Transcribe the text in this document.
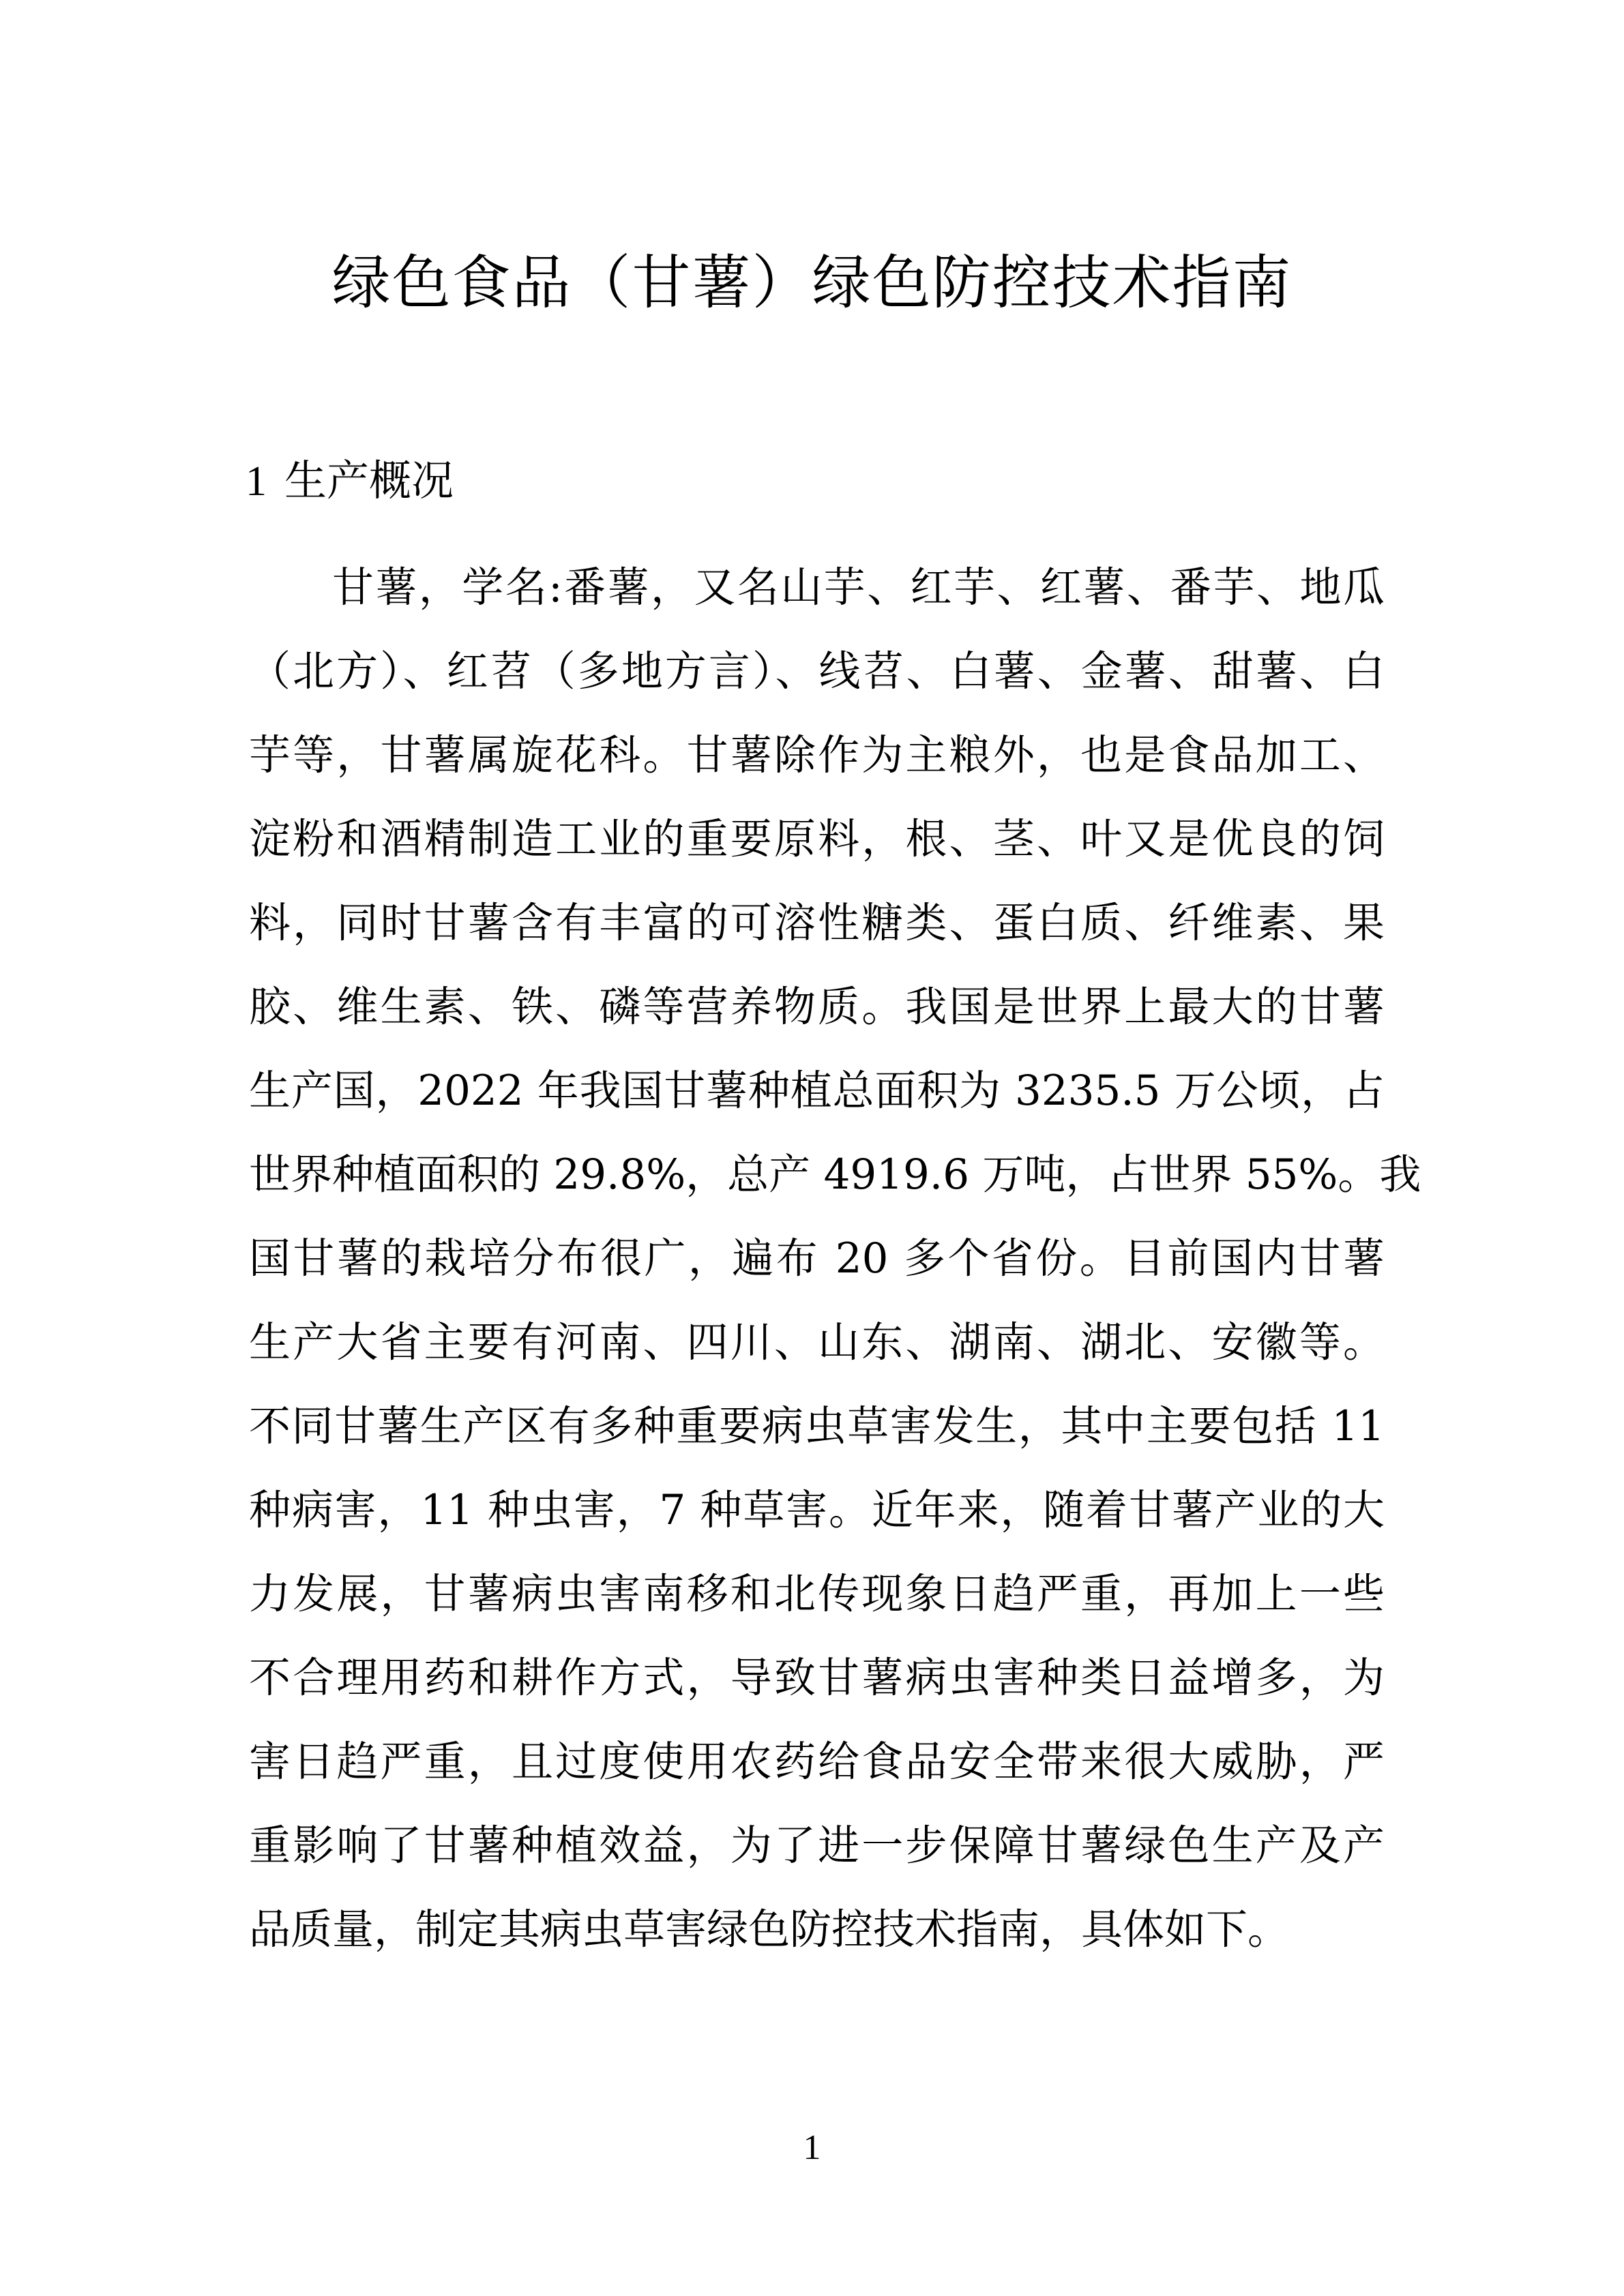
绿色食品（甘薯）绿色防控技术指南
1 生产概况
甘薯，学名:番薯，又名山芋、红芋、红薯、番芋、地瓜
（北方）、红苕（多地方言）、线苕、白薯、金薯、甜薯、白
芋等，甘薯属旋花科。甘薯除作为主粮外，也是食品加工、
淀粉和酒精制造工业的重要原料，根、茎、叶又是优良的饲
料，同时甘薯含有丰富的可溶性糖类、蛋白质、纤维素、果
胶、维生素、铁、磷等营养物质。我国是世界上最大的甘薯
生产国，2022 年我国甘薯种植总面积为 3235.5 万公顷，占
世界种植面积的 29.8%，总产 4919.6 万吨，占世界 55%。我
国甘薯的栽培分布很广，遍布 20 多个省份。目前国内甘薯
生产大省主要有河南、四川、山东、湖南、湖北、安徽等。
不同甘薯生产区有多种重要病虫草害发生，其中主要包括 11
种病害，11 种虫害，7 种草害。近年来，随着甘薯产业的大
力发展，甘薯病虫害南移和北传现象日趋严重，再加上一些
不合理用药和耕作方式，导致甘薯病虫害种类日益增多，为
害日趋严重，且过度使用农药给食品安全带来很大威胁，严
重影响了甘薯种植效益，为了进一步保障甘薯绿色生产及产
品质量，制定其病虫草害绿色防控技术指南，具体如下。
1
